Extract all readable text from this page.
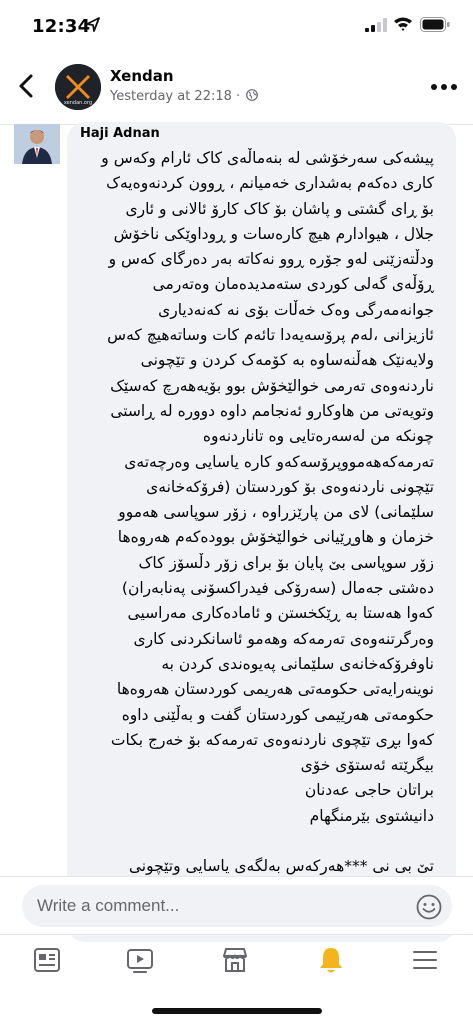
12:34
xendan.org
Xendan
Yesterday at 22:18 ·
Haji Adnan
پیشەکی سەرخۆشی لە بنەماڵەی کاک ئارام وکەس و
کاری دەکەم بەشداری خەمیانم ، ڕوون کردنەوەیەک
بۆ ڕای گشتی و پاشان بۆ کاک کارۆ ئالانی و ئاری
جلال ، هیوادارم هیچ کارەسات و ڕوداوێکی ناخۆش
ودڵتەزێنی لەو جۆرە ڕوو نەکاتە بەر دەرگای کەس و
ڕۆڵەی گەلی کوردی ستەمدیدەمان وەتەرمی
جوانەمەرگی وەک خەڵات بۆی نە کەنەدیاری
ئازیزانی ،لەم پرۆسەیەدا تائەم کات وساتەهیچ کەس
ولایەنێک هەڵنەساوە بە کۆمەک کردن و تێچونی
ناردنەوەی تەرمی خوالێخۆش بوو بۆیەهەرچ کەسێک
وتویەتی من هاوکارو ئەنجامم داوە دوورە لە ڕاستی
چونکە من لەسەرەتایی وە تاناردنەوە
تەرمەکەهەمووپرۆسەکەو کارە یاسایی وەرچەتەی
تێچونی ناردنەوەی بۆ کوردستان (فرۆکەخانەی
سلێمانی) لای من پارێزراوە ، زۆر سوپاسی هەموو
خزمان و هاوڕێیانی خوالێخۆش بوودەکەم هەروەها
زۆر سوپاسی بێ پایان بۆ برای زۆر دڵسۆز کاک
دەشتی جەمال (سەرۆکی فیدراکسۆنی پەنابەران)
کەوا هەستا بە ڕێکخستن و ئامادەکاری مەراسیی
وەرگرتنەوەی تەرمەکە وهەمو ئاسانکردنی کاری
ناوفرۆکەخانەی سلێمانی پەیوەندی کردن بە
نوینەرایەتی حکومەتی هەریمی کوردستان هەروەها
حکومەتی هەرێیمی کوردستان گفت و بەڵێنی داوە
کەوا بڕی تێچوی ناردنەوەی تەرمەکە بۆ خەرج بکات
بیگرێتە ئەستۆی خۆی
براتان حاجی عەدنان
دانیشتوی بێرمنگهام

تێ بی نی ***هەرکەس بەلگەی یاسایی وتێچونی

Write a comment...
